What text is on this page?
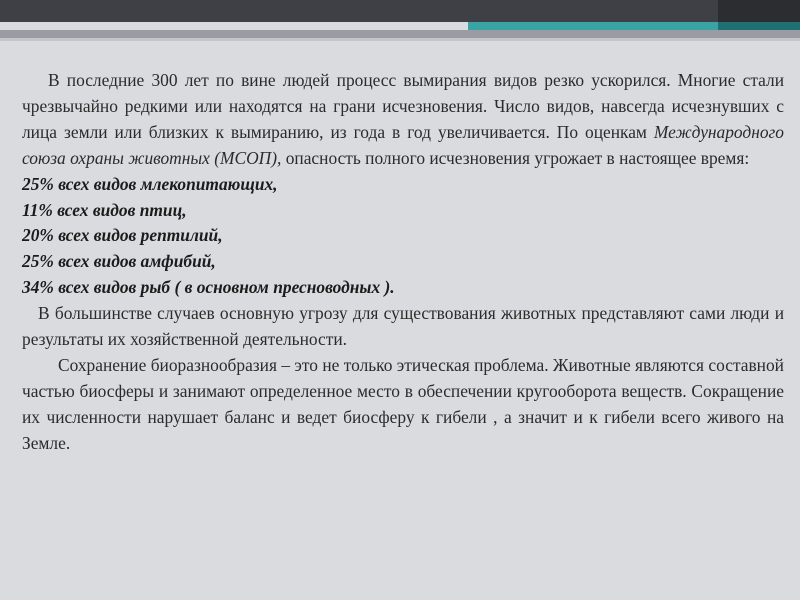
В последние 300 лет по вине людей процесс вымирания видов резко ускорился. Многие стали чрезвычайно редкими или находятся на грани исчезновения. Число видов, навсегда исчезнувших с лица земли или близких к вымиранию, из года в год увеличивается. По оценкам Международного союза охраны животных (МСОП), опасность полного исчезновения угрожает в настоящее время:

25% всех видов млекопитающих,

11% всех видов птиц,

20% всех видов рептилий,

25% всех видов амфибий,

34% всех видов рыб ( в основном пресноводных ).

В большинстве случаев основную угрозу для существования животных представляют сами люди и результаты их хозяйственной деятельности.

Сохранение биоразнообразия – это не только этическая проблема. Животные являются составной частью биосферы и занимают определенное место в обеспечении кругооборота веществ. Сокращение их численности нарушает баланс и ведет биосферу к гибели , а значит и к гибели всего живого на Земле.
